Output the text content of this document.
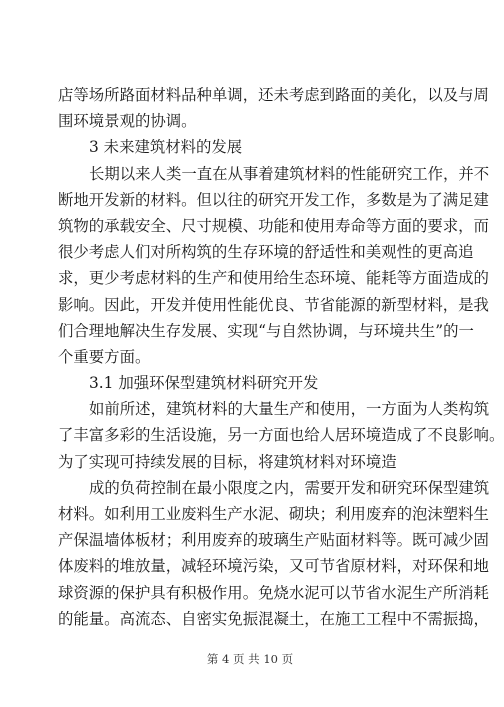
店等场所路面材料品种单调，还未考虑到路面的美化，以及与周
围环境景观的协调。
3 未来建筑材料的发展
长期以来人类一直在从事着建筑材料的性能研究工作，并不
断地开发新的材料。但以往的研究开发工作，多数是为了满足建
筑物的承载安全、尺寸规模、功能和使用寿命等方面的要求，而
很少考虑人们对所构筑的生存环境的舒适性和美观性的更高追
求，更少考虑材料的生产和使用给生态环境、能耗等方面造成的
影响。因此，开发并使用性能优良、节省能源的新型材料，是我
们合理地解决生存发展、实现“与自然协调，与环境共生”的一
个重要方面。
3.1 加强环保型建筑材料研究开发
如前所述，建筑材料的大量生产和使用，一方面为人类构筑
了丰富多彩的生活设施，另一方面也给人居环境造成了不良影响。
为了实现可持续发展的目标，将建筑材料对环境造
成的负荷控制在最小限度之内，需要开发和研究环保型建筑
材料。如利用工业废料生产水泥、砌块；利用废弃的泡沫塑料生
产保温墙体板材；利用废弃的玻璃生产贴面材料等。既可减少固
体废料的堆放量，减轻环境污染，又可节省原材料，对环保和地
球资源的保护具有积极作用。免烧水泥可以节省水泥生产所消耗
的能量。高流态、自密实免振混凝土，在施工工程中不需振捣，
第 4 页 共 10 页
